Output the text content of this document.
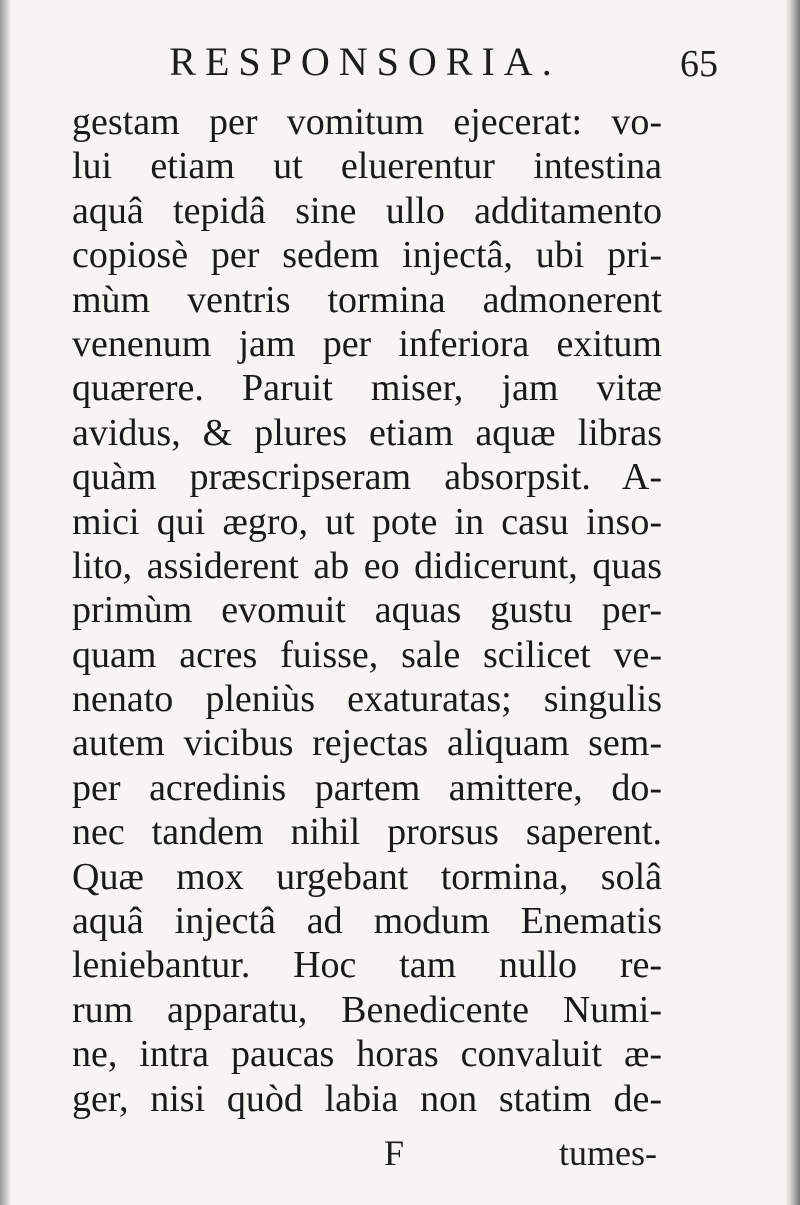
RESPONSORIA.	65
gestam per vomitum ejecerat: vo-
lui etiam ut eluerentur intestina
aquâ tepidâ sine ullo additamento
copiosè per sedem injectâ, ubi pri-
mùm ventris tormina admonerent
venenum jam per inferiora exitum
quærere. Paruit miser, jam vitæ
avidus, & plures etiam aquæ libras
quàm præscripseram absorpsit. A-
mici qui ægro, ut pote in casu inso-
lito, assiderent ab eo didicerunt, quas
primùm evomuit aquas gustu per-
quam acres fuisse, sale scilicet ve-
nenato pleniùs exaturatas; singulis
autem vicibus rejectas aliquam sem-
per acredinis partem amittere, do-
nec tandem nihil prorsus saperent.
Quæ mox urgebant tormina, solâ
aquâ injectâ ad modum Enematis
leniebantur. Hoc tam nullo re-
rum apparatu, Benedicente Numi-
ne, intra paucas horas convaluit æ-
ger, nisi quòd labia non statim de-
F	tumes-
